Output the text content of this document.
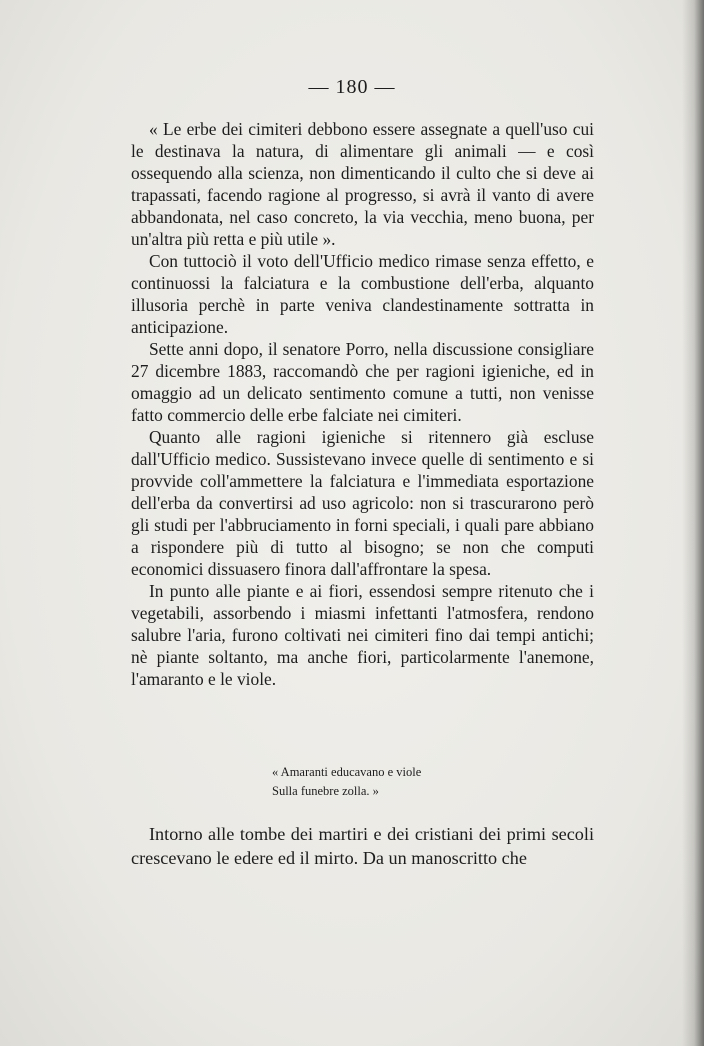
— 180 —

« Le erbe dei cimiteri debbono essere assegnate a quell'uso cui le destinava la natura, di alimentare gli animali — e così ossequendo alla scienza, non dimenticando il culto che si deve ai trapassati, facendo ragione al progresso, si avrà il vanto di avere abbandonata, nel caso concreto, la via vecchia, meno buona, per un'altra più retta e più utile ».

Con tuttociò il voto dell'Ufficio medico rimase senza effetto, e continuossi la falciatura e la combustione dell'erba, alquanto illusoria perchè in parte veniva clandestinamente sottratta in anticipazione.

Sette anni dopo, il senatore Porro, nella discussione consigliare 27 dicembre 1883, raccomandò che per ragioni igieniche, ed in omaggio ad un delicato sentimento comune a tutti, non venisse fatto commercio delle erbe falciate nei cimiteri.

Quanto alle ragioni igieniche si ritennero già escluse dall'Ufficio medico. Sussistevano invece quelle di sentimento e si provvide coll'ammettere la falciatura e l'immediata esportazione dell'erba da convertirsi ad uso agricolo: non si trascurarono però gli studi per l'abbruciamento in forni speciali, i quali pare abbiano a rispondere più di tutto al bisogno; se non che computi economici dissuasero finora dall'affrontare la spesa.

In punto alle piante e ai fiori, essendosi sempre ritenuto che i vegetabili, assorbendo i miasmi infettanti l'atmosfera, rendono salubre l'aria, furono coltivati nei cimiteri fino dai tempi antichi; nè piante soltanto, ma anche fiori, particolarmente l'anemone, l'amaranto e le viole.

« Amaranti educavano e viole
Sulla funebre zolla. »

Intorno alle tombe dei martiri e dei cristiani dei primi secoli crescevano le edere ed il mirto. Da un manoscritto che
